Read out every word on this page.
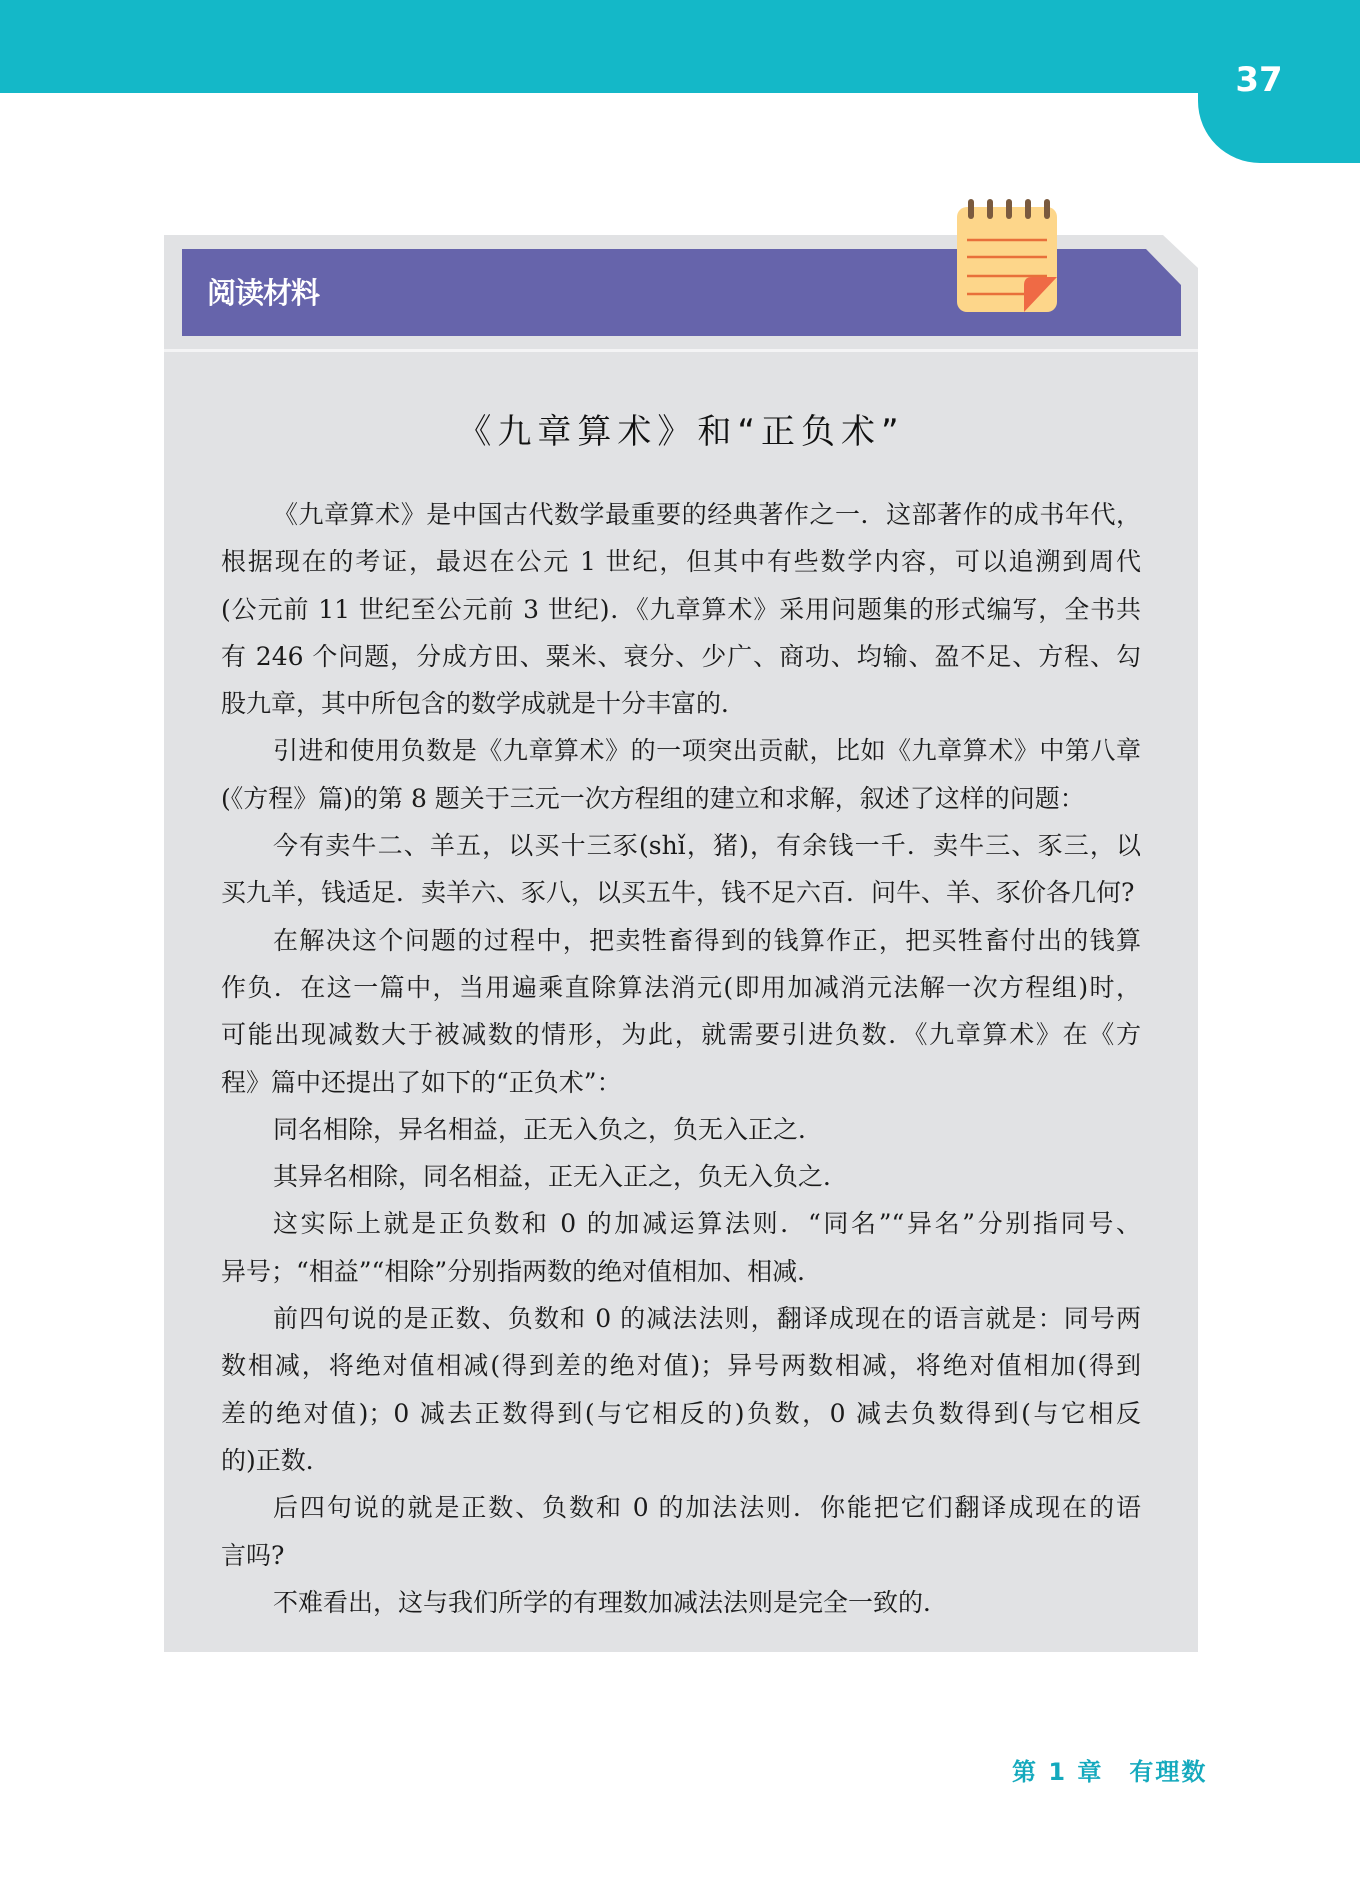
37
阅读材料
《九章算术》和“正负术”
《九章算术》是中国古代数学最重要的经典著作之一．这部著作的成书年代，
根据现在的考证，最迟在公元 1 世纪，但其中有些数学内容，可以追溯到周代
(公元前 11 世纪至公元前 3 世纪)．《九章算术》采用问题集的形式编写，全书共
有 246 个问题，分成方田、粟米、衰分、少广、商功、均输、盈不足、方程、勾
股九章，其中所包含的数学成就是十分丰富的．
引进和使用负数是《九章算术》的一项突出贡献，比如《九章算术》中第八章
(《方程》篇)的第 8 题关于三元一次方程组的建立和求解，叙述了这样的问题：
今有卖牛二、羊五，以买十三豕(shǐ，猪)，有余钱一千．卖牛三、豕三，以
买九羊，钱适足．卖羊六、豕八，以买五牛，钱不足六百．问牛、羊、豕价各几何?
在解决这个问题的过程中，把卖牲畜得到的钱算作正，把买牲畜付出的钱算
作负．在这一篇中，当用遍乘直除算法消元(即用加减消元法解一次方程组)时，
可能出现减数大于被减数的情形，为此，就需要引进负数．《九章算术》在《方
程》篇中还提出了如下的“正负术”：
同名相除，异名相益，正无入负之，负无入正之．
其异名相除，同名相益，正无入正之，负无入负之．
这实际上就是正负数和 0 的加减运算法则．“同名”“异名”分别指同号、
异号；“相益”“相除”分别指两数的绝对值相加、相减．
前四句说的是正数、负数和 0 的减法法则，翻译成现在的语言就是：同号两
数相减，将绝对值相减(得到差的绝对值)；异号两数相减，将绝对值相加(得到
差的绝对值)；0 减去正数得到(与它相反的)负数，0 减去负数得到(与它相反
的)正数．
后四句说的就是正数、负数和 0 的加法法则．你能把它们翻译成现在的语
言吗?
不难看出，这与我们所学的有理数加减法法则是完全一致的．
第 1 章　有理数
